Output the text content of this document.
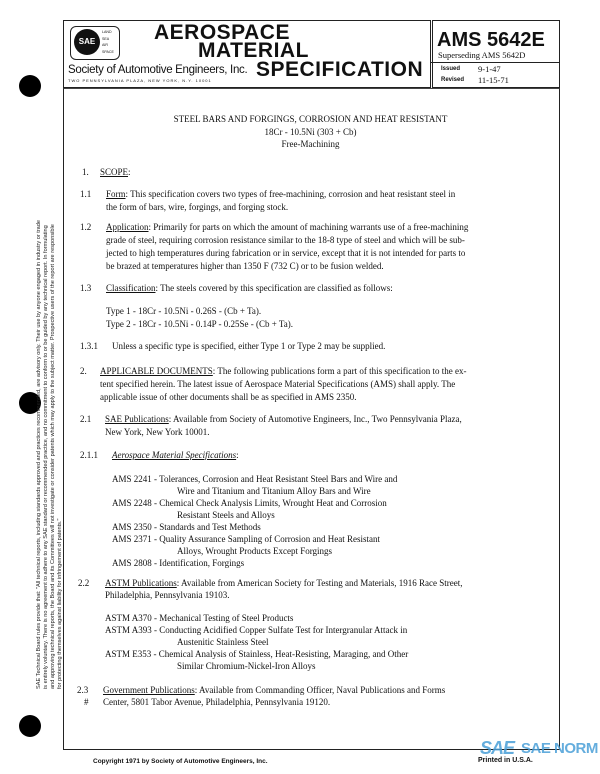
SAE Technical Board rules provide that: "All technical reports, including standards approved and practices recommended, are advisory only. Their use by anyone engaged in industry or trade is entirely voluntary. There is no agreement to adhere to any SAE standard or recommended practice, and no commitment to conform to or be guided by any technical report. In formulating and approving technical reports, the Board and its Committees will not investigate or consider patents which may apply to the subject matter. Prospective users of the report are responsible for protecting themselves against liability for infringement of patents."
SAE
LAND
SEA
AIR
SPACE
AEROSPACE
MATERIAL
SPECIFICATION
Society of Automotive Engineers, Inc.
TWO PENNSYLVANIA PLAZA, NEW YORK, N.Y. 10001
AMS 5642E
Superseding AMS 5642D
Issued 9-1-47
Revised 11-15-71
STEEL BARS AND FORGINGS, CORROSION AND HEAT RESISTANT
18Cr - 10.5Ni (303 + Cb)
Free-Machining
1. SCOPE:
1.1 Form: This specification covers two types of free-machining, corrosion and heat resistant steel in
the form of bars, wire, forgings, and forging stock.
1.2 Application: Primarily for parts on which the amount of machining warrants use of a free-machining
grade of steel, requiring corrosion resistance similar to the 18-8 type of steel and which will be sub-
jected to high temperatures during fabrication or in service, except that it is not intended for parts to
be brazed at temperatures higher than 1350 F (732 C) or to be fusion welded.
1.3 Classification: The steels covered by this specification are classified as follows:
Type 1 - 18Cr - 10.5Ni - 0.26S - (Cb + Ta).
Type 2 - 18Cr - 10.5Ni - 0.14P - 0.25Se - (Cb + Ta).
1.3.1 Unless a specific type is specified, either Type 1 or Type 2 may be supplied.
2. APPLICABLE DOCUMENTS: The following publications form a part of this specification to the ex-
tent specified herein. The latest issue of Aerospace Material Specifications (AMS) shall apply. The
applicable issue of other documents shall be as specified in AMS 2350.
2.1 SAE Publications: Available from Society of Automotive Engineers, Inc., Two Pennsylvania Plaza,
New York, New York 10001.
2.1.1 Aerospace Material Specifications:
AMS 2241 - Tolerances, Corrosion and Heat Resistant Steel Bars and Wire and
Wire and Titanium and Titanium Alloy Bars and Wire
AMS 2248 - Chemical Check Analysis Limits, Wrought Heat and Corrosion
Resistant Steels and Alloys
AMS 2350 - Standards and Test Methods
AMS 2371 - Quality Assurance Sampling of Corrosion and Heat Resistant
Alloys, Wrought Products Except Forgings
AMS 2808 - Identification, Forgings
2.2 ASTM Publications: Available from American Society for Testing and Materials, 1916 Race Street,
Philadelphia, Pennsylvania 19103.
ASTM A370 - Mechanical Testing of Steel Products
ASTM A393 - Conducting Acidified Copper Sulfate Test for Intergranular Attack in
Austenitic Stainless Steel
ASTM E353 - Chemical Analysis of Stainless, Heat-Resisting, Maraging, and Other
Similar Chromium-Nickel-Iron Alloys
2.3
#
Government Publications: Available from Commanding Officer, Naval Publications and Forms
Center, 5801 Tabor Avenue, Philadelphia, Pennsylvania 19120.
Copyright 1971 by Society of Automotive Engineers, Inc.	Printed in U.S.A.
SAE SAE NORM
